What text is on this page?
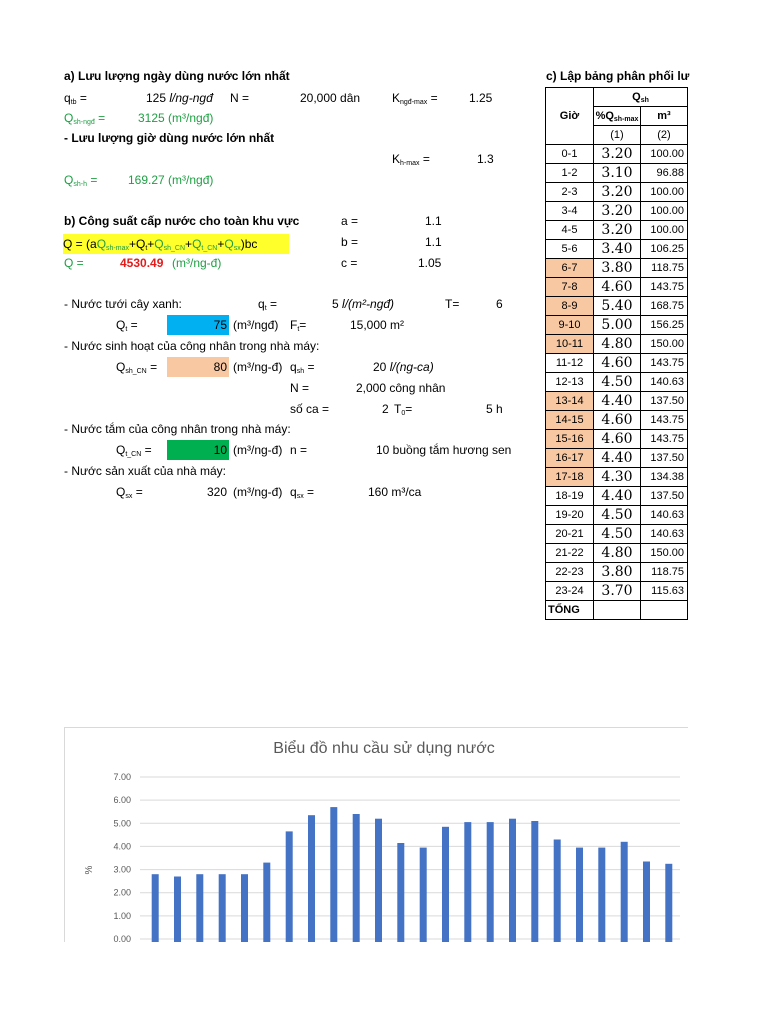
a) Lưu lượng ngày dùng nước lớn nhất
$q_{tb}$ =	125 l/ng-ngđ N =	20,000 dân	$K_{ngđ-max}$ =	1.25
$Q_{sh-ngđ}$ =	3125 (m³/ngđ)
- Lưu lượng giờ dùng nước lớn nhất
$K_{h-max}$ =	1.3
$Q_{sh-h}$ =	169.27 (m³/ngđ)
b) Công suất cấp nước cho toàn khu vực	a =	1.1
$Q = (aQ_{sh-max}+Q_t+Q_{sh\_CN}+Q_{t\_CN}+Q_{sx})bc$	b =	1.1
Q =	4530.49 (m³/ng-đ)	c =	1.05
- Nước tưới cây xanh:	$q_t$ =	5 l/(m²-ngđ)	T=	6
$Q_t$ =	75 (m³/ngđ) $F_t=$	15,000 m²
- Nước sinh hoạt của công nhân trong nhà máy:
$Q_{sh\_CN}$ =	80 (m³/ng-đ) $q_{sh}$ =	20 l/(ng-ca)
N =	2,000 công nhân
số ca =	2 $T_0=$	5 h
- Nước tắm của công nhân trong nhà máy:
$Q_{t\_CN}$ =	10 (m³/ng-đ) n =	10 buồng tắm hương sen
- Nước sản xuất của nhà máy:
$Q_{sx}$ =	320 (m³/ng-đ) $q_{sx}$ =	160 m³/ca
c) Lập bảng phân phối lư
Giờ	$Q_{sh}$
	$\%Q_{sh-max}$	m³
	(1)	(2)
0-1	3.20	100.00
1-2	3.10	96.88
2-3	3.20	100.00
3-4	3.20	100.00
4-5	3.20	100.00
5-6	3.40	106.25
6-7	3.80	118.75
7-8	4.60	143.75
8-9	5.40	168.75
9-10	5.00	156.25
10-11	4.80	150.00
11-12	4.60	143.75
12-13	4.50	140.63
13-14	4.40	137.50
14-15	4.60	143.75
15-16	4.60	143.75
16-17	4.40	137.50
17-18	4.30	134.38
18-19	4.40	137.50
19-20	4.50	140.63
20-21	4.50	140.63
21-22	4.80	150.00
22-23	3.80	118.75
23-24	3.70	115.63
TỔNG		
Biểu đồ nhu cầu sử dụng nước
0.00
1.00
2.00
3.00
4.00
5.00
6.00
7.00
%
